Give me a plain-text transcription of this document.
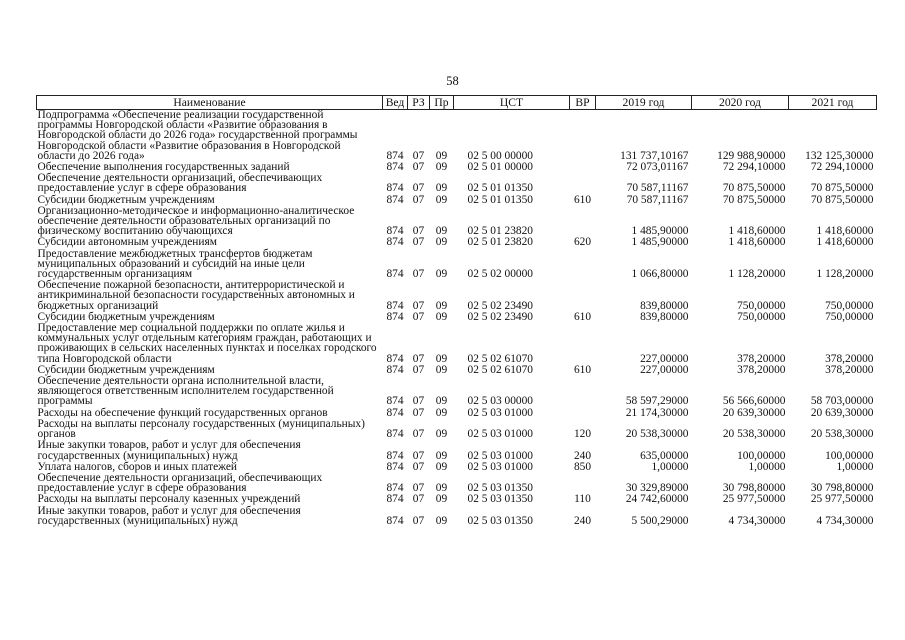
58
Наименование	Вед	РЗ	Пр	ЦСТ	ВР	2019 год	2020 год	2021 год
Подпрограмма «Обеспечение реализации государственной программы Новгородской области «Развитие образования в Новгородской области до 2026 года» государственной программы Новгородской области «Развитие образования в Новгородской области до 2026 года»	874	07	09	02 5 00 00000		131 737,10167	129 988,90000	132 125,30000
Обеспечение выполнения государственных заданий	874	07	09	02 5 01 00000		72 073,01167	72 294,10000	72 294,10000
Обеспечение деятельности организаций, обеспечивающих предоставление услуг в сфере образования	874	07	09	02 5 01 01350		70 587,11167	70 875,50000	70 875,50000
Субсидии бюджетным учреждениям	874	07	09	02 5 01 01350	610	70 587,11167	70 875,50000	70 875,50000
Организационно-методическое и информационно-аналитическое обеспечение деятельности образовательных организаций по физическому воспитанию обучающихся	874	07	09	02 5 01 23820		1 485,90000	1 418,60000	1 418,60000
Субсидии автономным учреждениям	874	07	09	02 5 01 23820	620	1 485,90000	1 418,60000	1 418,60000
Предоставление межбюджетных трансфертов бюджетам муниципальных образований и субсидий на иные цели государственным организациям	874	07	09	02 5 02 00000		1 066,80000	1 128,20000	1 128,20000
Обеспечение пожарной безопасности, антитеррористической и антикриминальной безопасности государственных автономных и бюджетных организаций	874	07	09	02 5 02 23490		839,80000	750,00000	750,00000
Субсидии бюджетным учреждениям	874	07	09	02 5 02 23490	610	839,80000	750,00000	750,00000
Предоставление мер социальной поддержки по оплате жилья и коммунальных услуг отдельным категориям граждан, работающих и проживающих в сельских населенных пунктах и поселках городского типа Новгородской области	874	07	09	02 5 02 61070		227,00000	378,20000	378,20000
Субсидии бюджетным учреждениям	874	07	09	02 5 02 61070	610	227,00000	378,20000	378,20000
Обеспечение деятельности органа исполнительной власти, являющегося ответственным исполнителем государственной программы	874	07	09	02 5 03 00000		58 597,29000	56 566,60000	58 703,00000
Расходы на обеспечение функций государственных органов	874	07	09	02 5 03 01000		21 174,30000	20 639,30000	20 639,30000
Расходы на выплаты персоналу государственных (муниципальных) органов	874	07	09	02 5 03 01000	120	20 538,30000	20 538,30000	20 538,30000
Иные закупки товаров, работ и услуг для обеспечения государственных (муниципальных) нужд	874	07	09	02 5 03 01000	240	635,00000	100,00000	100,00000
Уплата налогов, сборов и иных платежей	874	07	09	02 5 03 01000	850	1,00000	1,00000	1,00000
Обеспечение деятельности организаций, обеспечивающих предоставление услуг в сфере образования	874	07	09	02 5 03 01350		30 329,89000	30 798,80000	30 798,80000
Расходы на выплаты персоналу казенных учреждений	874	07	09	02 5 03 01350	110	24 742,60000	25 977,50000	25 977,50000
Иные закупки товаров, работ и услуг для обеспечения государственных (муниципальных) нужд	874	07	09	02 5 03 01350	240	5 500,29000	4 734,30000	4 734,30000
